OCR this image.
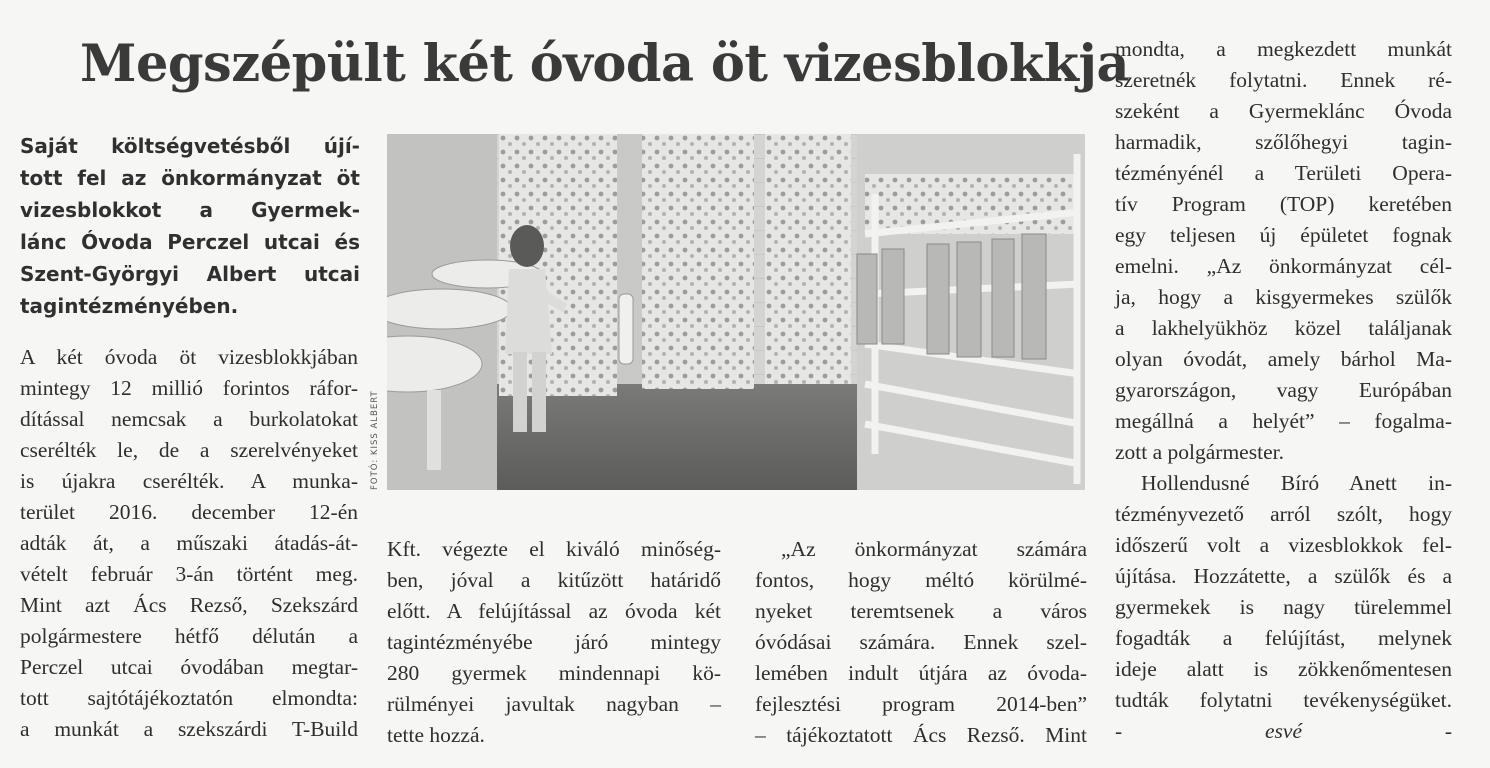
Megszépült két óvoda öt vizesblokkja
Saját költségvetésből újí-
tott fel az önkormányzat öt
vizesblokkot a Gyermek-
lánc Óvoda Perczel utcai és
Szent-Györgyi Albert utcai
tagintézményében.
FOTÓ: KISS ALBERT

A két óvoda öt vizesblokkjában

mintegy 12 millió forintos ráfor-

dítással nemcsak a burkolatokat

cserélték le, de a szerelvényeket

is újakra cserélték. A munka-

terület 2016. december 12-én

adták át, a műszaki átadás-át-

vételt február 3-án történt meg.

Mint azt Ács Rezső, Szekszárd

polgármestere hétfő délután a

Perczel utcai óvodában megtar-

tott sajtótájékoztatón elmondta:

a munkát a szekszárdi T-Build

Kft. végezte el kiváló minőség-

ben, jóval a kitűzött határidő

előtt. A felújítással az óvoda két

tagintézményébe járó mintegy

280 gyermek mindennapi kö-

rülményei javultak nagyban –

tette hozzá.

„Az önkormányzat számára

fontos, hogy méltó körülmé-

nyeket teremtsenek a város

óvódásai számára. Ennek szel-

lemében indult útjára az óvoda-

fejlesztési program 2014-ben”

– tájékoztatott Ács Rezső. Mint

mondta, a megkezdett munkát

szeretnék folytatni. Ennek ré-

szeként a Gyermeklánc Óvoda

harmadik, szőlőhegyi tagin-

tézményénél a Területi Opera-

tív Program (TOP) keretében

egy teljesen új épületet fognak

emelni. „Az önkormányzat cél-

ja, hogy a kisgyermekes szülők

a lakhelyükhöz közel találjanak

olyan óvodát, amely bárhol Ma-

gyarországon, vagy Európában

megállná a helyét” – fogalma-

zott a polgármester.

Hollendusné Bíró Anett in-

tézményvezető arról szólt, hogy

időszerű volt a vizesblokkok fel-

újítása. Hozzátette, a szülők és a

gyermekek is nagy türelemmel

fogadták a felújítást, melynek

ideje alatt is zökkenőmentesen

tudták folytatni tevékenységüket.

- esvé -
